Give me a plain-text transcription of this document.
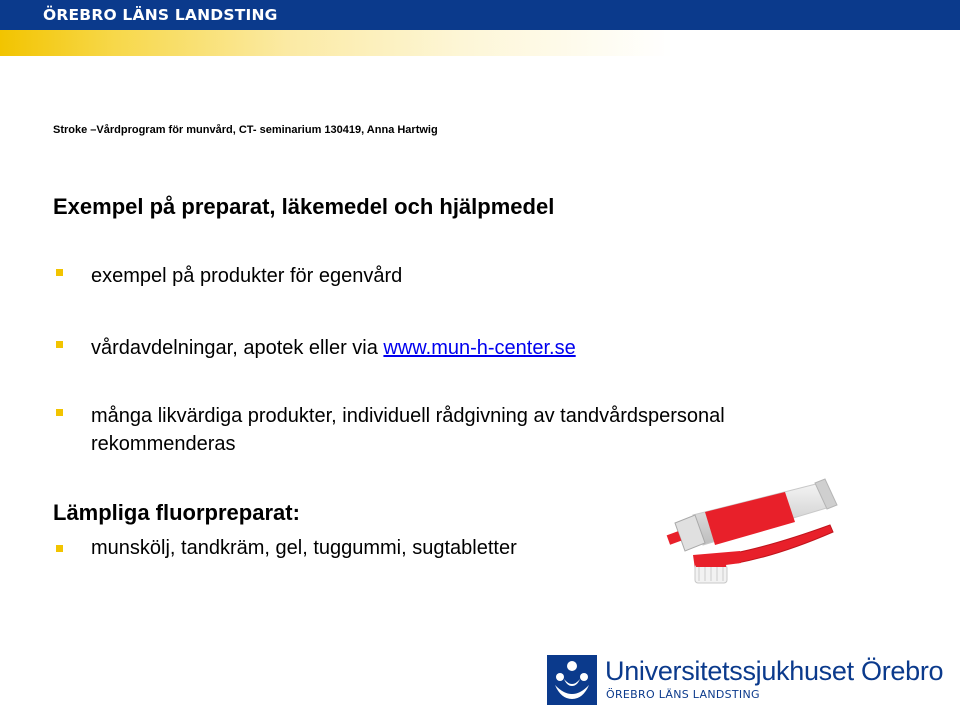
ÖREBRO LÄNS LANDSTING
Stroke –Vårdprogram för munvård, CT- seminarium 130419, Anna Hartwig
Exempel på preparat, läkemedel och hjälpmedel
exempel på produkter för egenvård
vårdavdelningar, apotek eller via www.mun-h-center.se
många likvärdiga produkter, individuell rådgivning av tandvårdspersonal
rekommenderas
Lämpliga fluorpreparat:
munskölj, tandkräm, gel, tuggummi, sugtabletter
Universitetssjukhuset Örebro
ÖREBRO LÄNS LANDSTING
